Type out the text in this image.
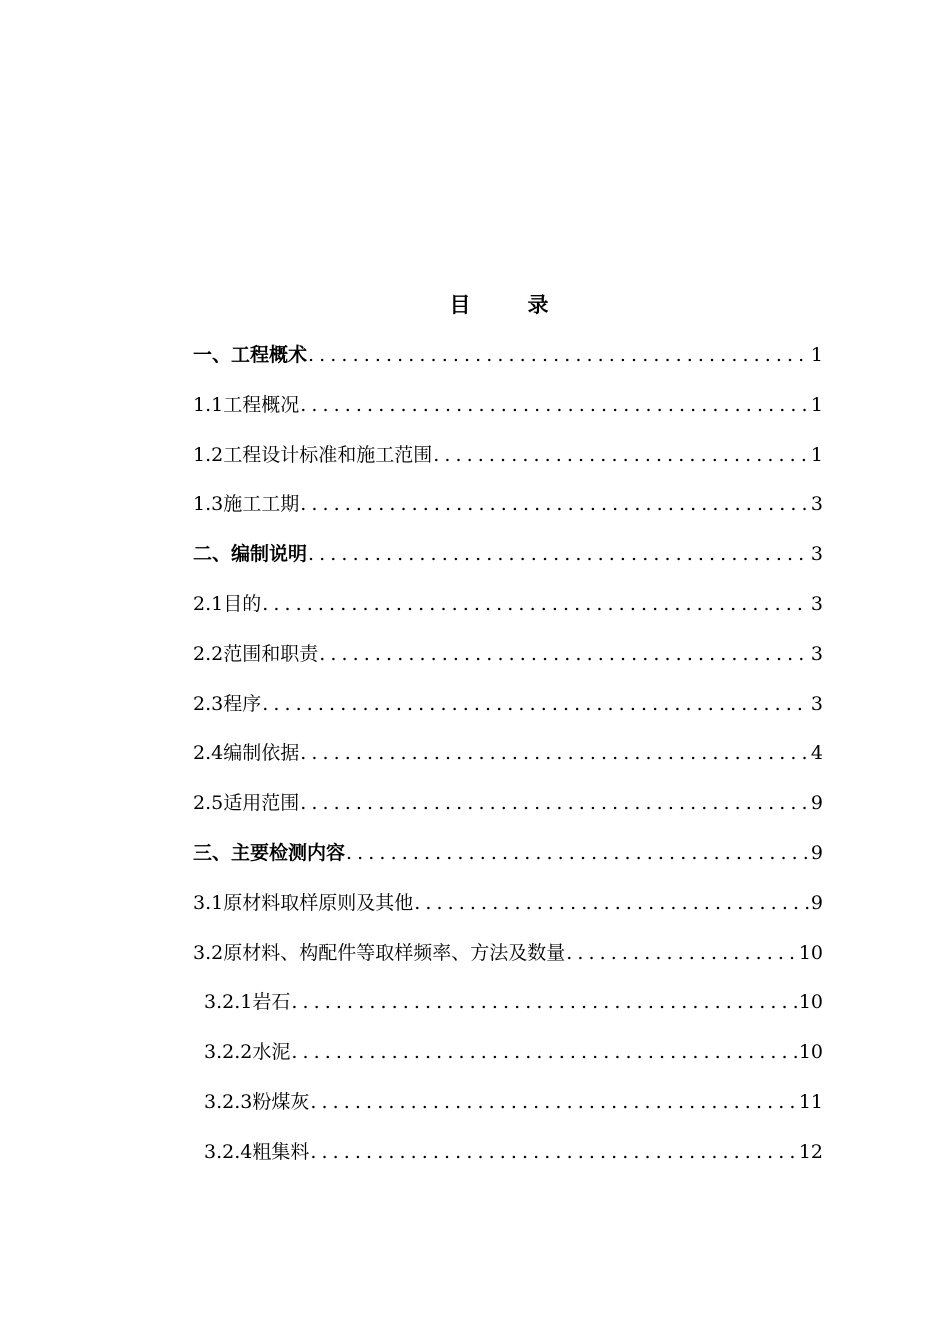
目　录
一、工程概术 .....	1
1.1工程概况 .....	1
1.2工程设计标准和施工范围 .....	1
1.3施工工期 .....	3
二、编制说明 .....	3
2.1目的 .....	3
2.2范围和职责 .....	3
2.3程序 .....	3
2.4编制依据 .....	4
2.5适用范围 .....	9
三、主要检测内容 .....	9
3.1原材料取样原则及其他 .....	9
3.2原材料、构配件等取样频率、方法及数量 .....	10
3.2.1岩石 .....	10
3.2.2水泥 .....	10
3.2.3粉煤灰 .....	11
3.2.4粗集料 .....	12
